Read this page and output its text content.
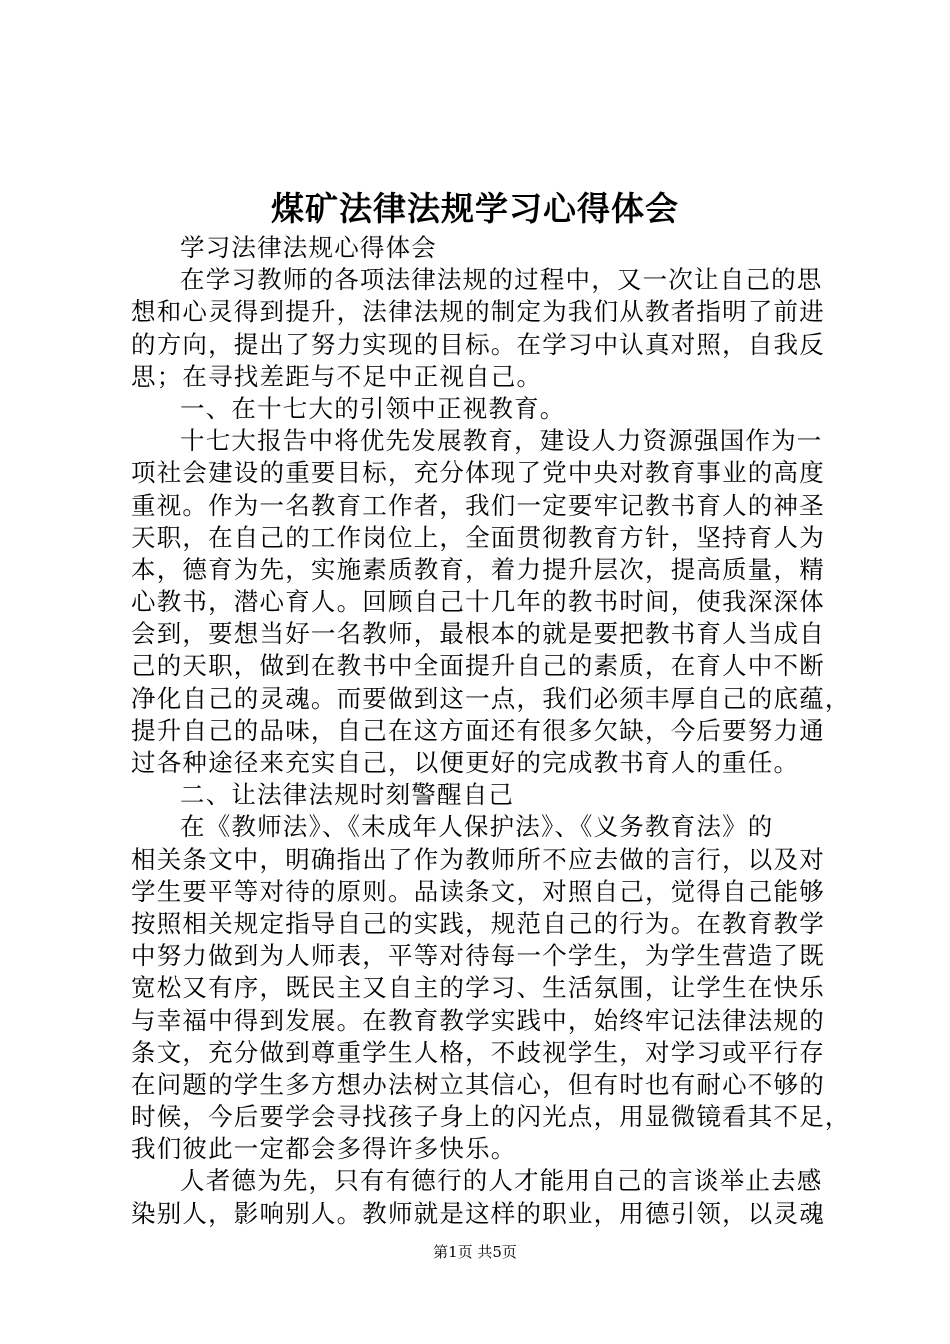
煤矿法律法规学习心得体会
学习法律法规心得体会
在学习教师的各项法律法规的过程中，又一次让自己的思
想和心灵得到提升，法律法规的制定为我们从教者指明了前进
的方向，提出了努力实现的目标。在学习中认真对照，自我反
思；在寻找差距与不足中正视自己。
一、在十七大的引领中正视教育。
十七大报告中将优先发展教育，建设人力资源强国作为一
项社会建设的重要目标，充分体现了党中央对教育事业的高度
重视。作为一名教育工作者，我们一定要牢记教书育人的神圣
天职，在自己的工作岗位上，全面贯彻教育方针，坚持育人为
本，德育为先，实施素质教育，着力提升层次，提高质量，精
心教书，潜心育人。回顾自己十几年的教书时间，使我深深体
会到，要想当好一名教师，最根本的就是要把教书育人当成自
己的天职，做到在教书中全面提升自己的素质，在育人中不断
净化自己的灵魂。而要做到这一点，我们必须丰厚自己的底蕴，
提升自己的品味，自己在这方面还有很多欠缺，今后要努力通
过各种途径来充实自己，以便更好的完成教书育人的重任。
二、让法律法规时刻警醒自己
在《教师法》、《未成年人保护法》、《义务教育法》的
相关条文中，明确指出了作为教师所不应去做的言行，以及对
学生要平等对待的原则。品读条文，对照自己，觉得自己能够
按照相关规定指导自己的实践，规范自己的行为。在教育教学
中努力做到为人师表，平等对待每一个学生，为学生营造了既
宽松又有序，既民主又自主的学习、生活氛围，让学生在快乐
与幸福中得到发展。在教育教学实践中，始终牢记法律法规的
条文，充分做到尊重学生人格，不歧视学生，对学习或平行存
在问题的学生多方想办法树立其信心，但有时也有耐心不够的
时候，今后要学会寻找孩子身上的闪光点，用显微镜看其不足，
我们彼此一定都会多得许多快乐。
人者德为先，只有有德行的人才能用自己的言谈举止去感
染别人，影响别人。教师就是这样的职业，用德引领，以灵魂
第1页 共5页
